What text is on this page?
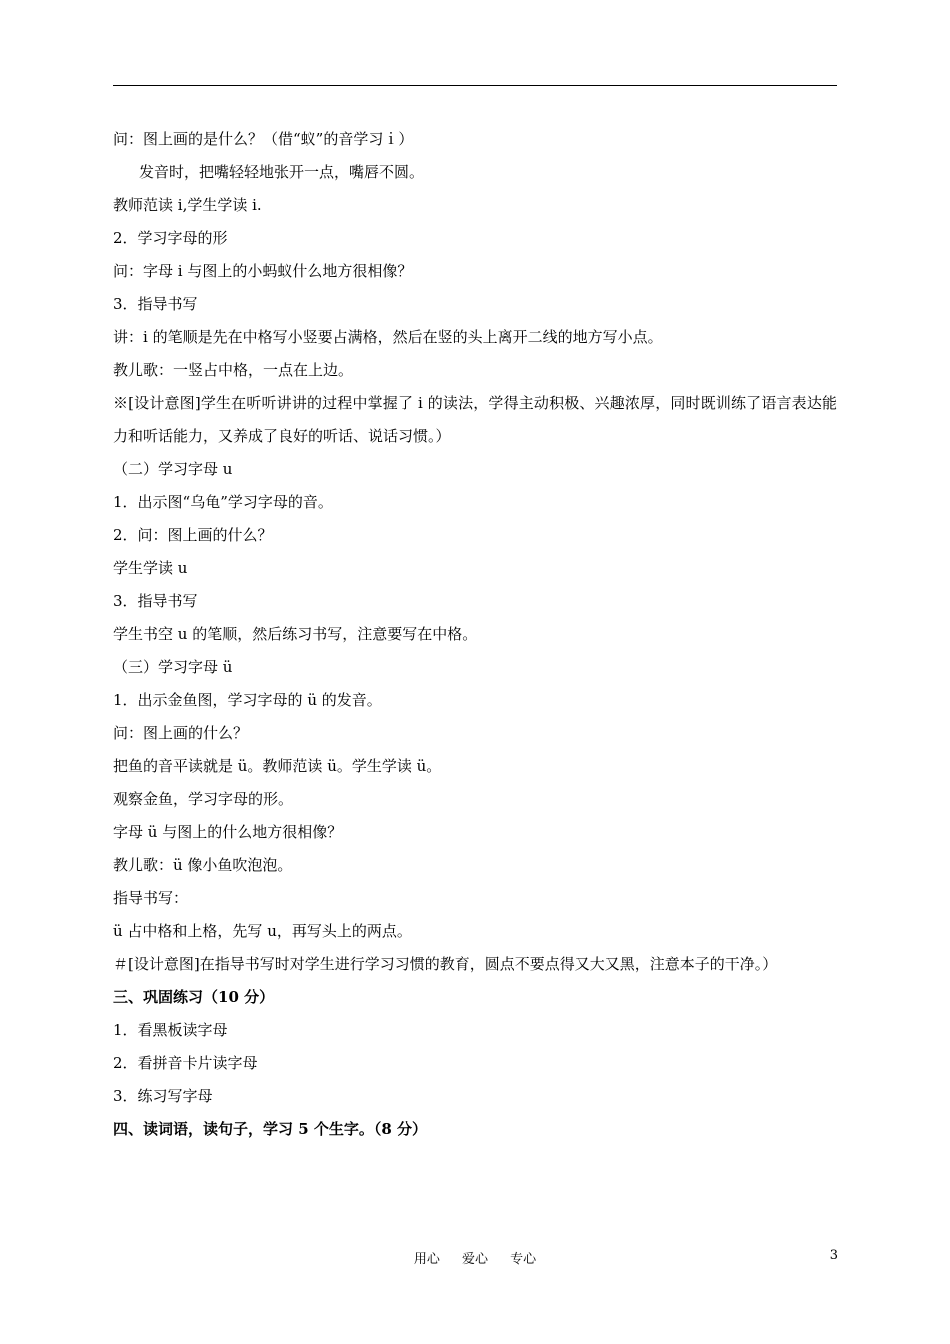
问：图上画的是什么？（借“蚁”的音学习ｉ）
发音时，把嘴轻轻地张开一点，嘴唇不圆。
教师范读 i,学生学读 i.
2．学习字母的形
问：字母 i 与图上的小蚂蚁什么地方很相像？
3．指导书写
讲：i 的笔顺是先在中格写小竖要占满格，然后在竖的头上离开二线的地方写小点。
教儿歌：一竖占中格，一点在上边。
※[设计意图]学生在听听讲讲的过程中掌握了 i 的读法，学得主动积极、兴趣浓厚，同时既训练了语言表达能力和听话能力，又养成了良好的听话、说话习惯。）
（二）学习字母 u
1．出示图“乌龟”学习字母的音。
2．问：图上画的什么？
学生学读 u
3．指导书写
学生书空 u 的笔顺，然后练习书写，注意要写在中格。
（三）学习字母 ü
1．出示金鱼图，学习字母的 ü 的发音。
问：图上画的什么？
把鱼的音平读就是 ü。教师范读 ü。学生学读 ü。
观察金鱼，学习字母的形。
字母 ü 与图上的什么地方很相像？
教儿歌：ü 像小鱼吹泡泡。
指导书写：
ü 占中格和上格，先写 u，再写头上的两点。
＃[设计意图]在指导书写时对学生进行学习习惯的教育，圆点不要点得又大又黑，注意本子的干净。）
三、巩固练习（10 分）
1．看黑板读字母
2．看拼音卡片读字母
3．练习写字母
四、读词语，读句子，学习 5 个生字。（8 分）
用心 爱心 专心	3
